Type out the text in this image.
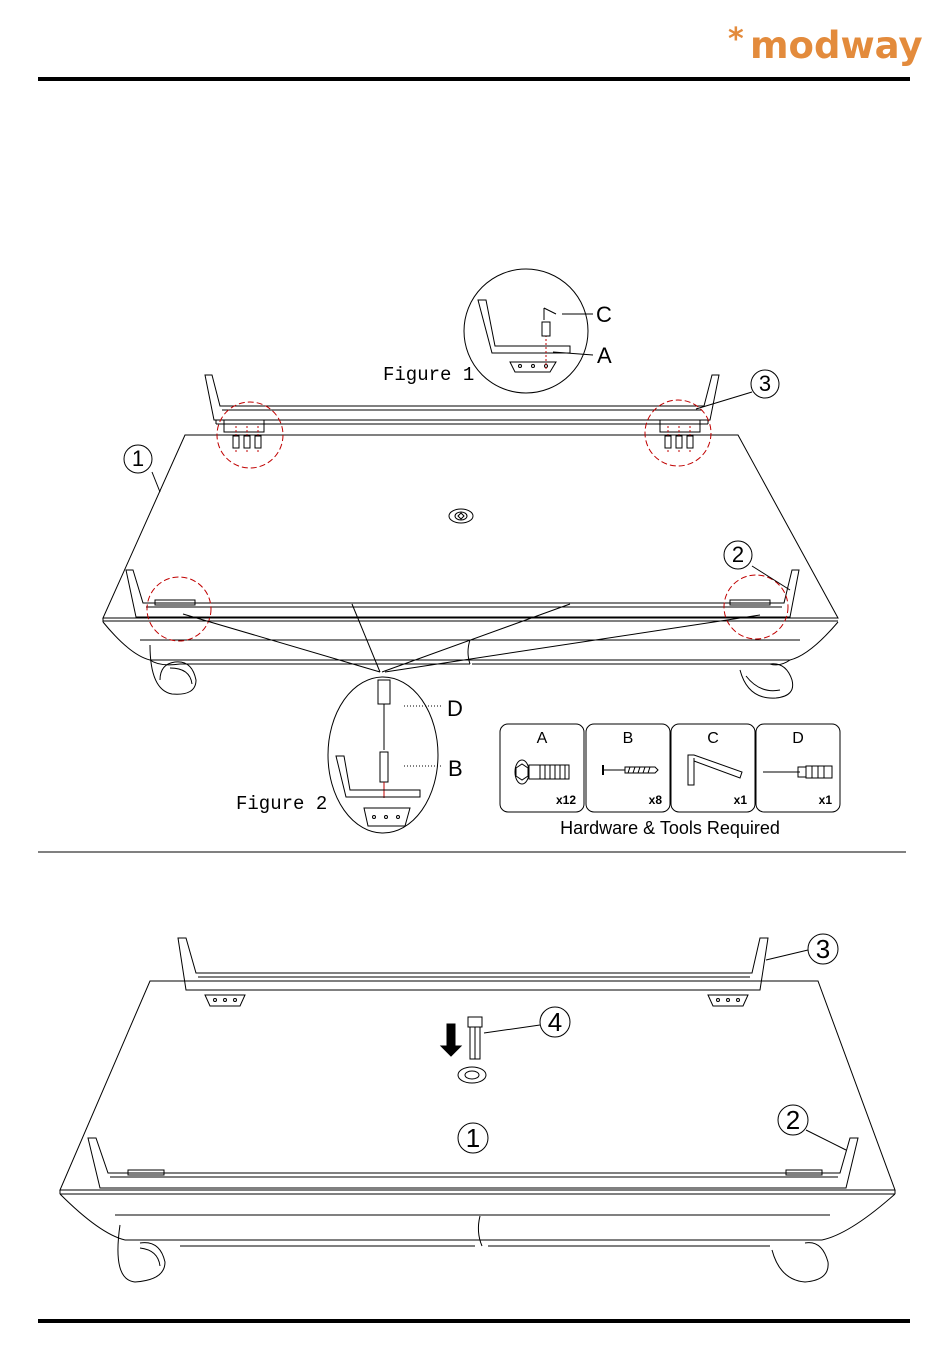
* modway
Figure 1
Figure 2
1
2
3
C
A
D
B
A
x12
B
x8
C
x1
D
x1
Hardware & Tools Required
1
2
3
4
